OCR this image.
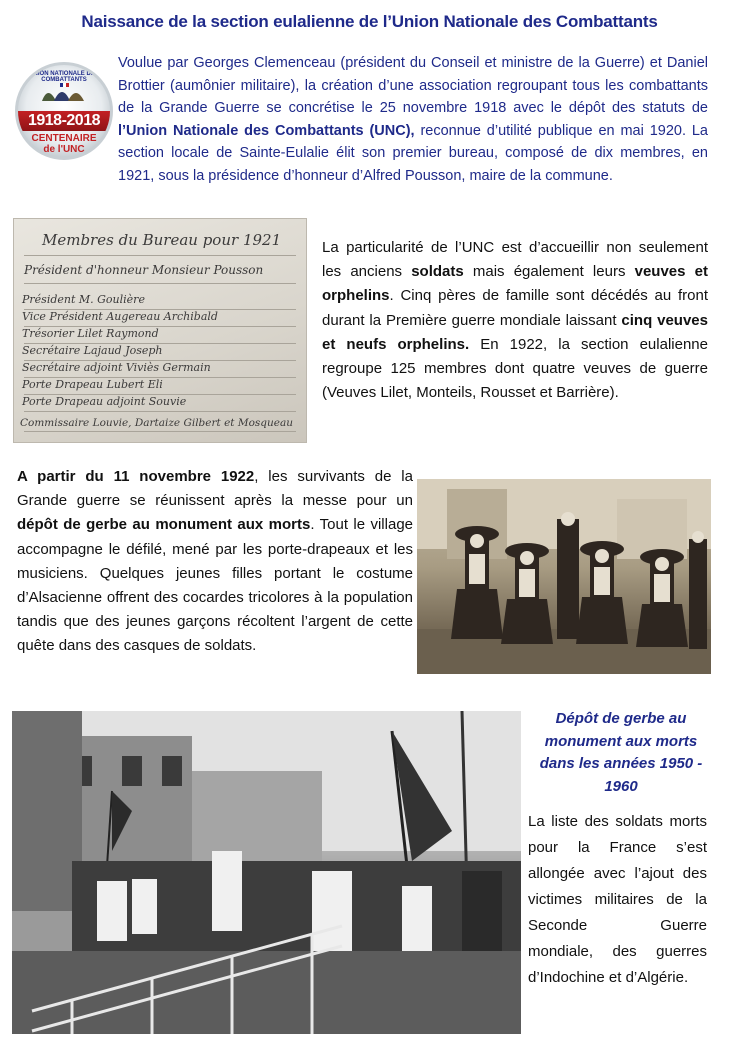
Naissance de la section eulalienne de l’Union Nationale des Combattants
UNION NATIONALE DES COMBATTANTS
1918-2018
CENTENAIRE
de l'UNC
Voulue par Georges Clemenceau (président du Conseil et ministre de la Guerre) et Daniel Brottier (aumônier militaire), la création d’une association regroupant tous les combattants de la Grande Guerre se concrétise le 25 novembre 1918 avec le dépôt des statuts de l’Union Nationale des Combattants (UNC), reconnue d’utilité publique en mai 1920. La section locale de Sainte-Eulalie élit son premier bureau, composé de dix membres, en 1921, sous la présidence d’honneur d’Alfred Pousson, maire de la commune.
Membres du Bureau pour 1921
Président d'honneur Monsieur Pousson
Président M. Goulière
Vice Président Augereau Archibald
Trésorier Lilet Raymond
Secrétaire Lajaud Joseph
Secrétaire adjoint Viviès Germain
Porte Drapeau Lubert Eli
Porte Drapeau adjoint Souvie
Commissaire Louvie, Dartaize Gilbert et Mosqueau
La particularité de l’UNC est d’accueillir non seulement les anciens soldats mais également leurs veuves et orphelins. Cinq pères de famille sont décédés au front durant la Première guerre mondiale laissant cinq veuves et neufs orphelins. En 1922, la section eulalienne regroupe 125 membres dont quatre veuves de guerre (Veuves Lilet, Monteils, Rousset et Barrière).
A partir du 11 novembre 1922, les survivants de la Grande guerre se réunissent après la messe pour un dépôt de gerbe au monument aux morts. Tout le village accompagne le défilé, mené par les porte-drapeaux et les musiciens. Quelques jeunes filles portant le costume d’Alsacienne offrent des cocardes tricolores à la population tandis que des jeunes garçons récoltent l’argent de cette quête dans des casques de soldats.
Dépôt de gerbe au monument aux morts dans les années 1950 - 1960
La liste des soldats morts pour la France s’est allongée avec l’ajout des victimes militaires de la Seconde Guerre mondiale, des guerres d’Indochine et d’Algérie.
